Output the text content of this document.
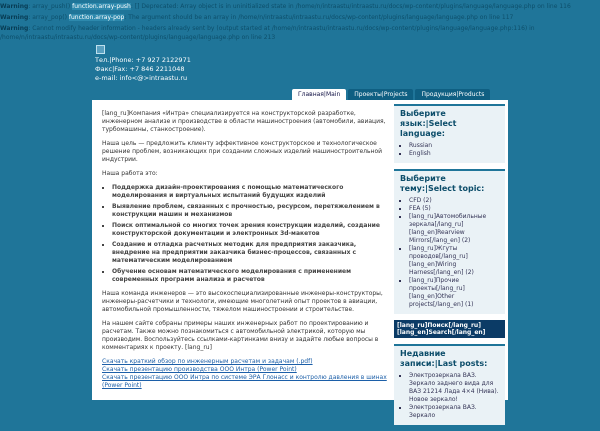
Warning: array_push() function.array-push: [] Deprecated: Array object is in uninitialized state in /home/n/intraastu/intraastu.ru/docs/wp-content/plugins/language/language.php on line 116

Warning: array_pop() function.array-pop: The argument should be an array in /home/n/intraastu/intraastu.ru/docs/wp-content/plugins/language/language.php on line 117

Warning: Cannot modify header information - headers already sent by (output started at /home/n/intraastu/intraastu.ru/docs/wp-content/plugins/language/language.php:116) in /home/n/intraastu/intraastu.ru/docs/wp-content/plugins/language/language.php on line 213

Тел.|Phone: +7 927 2122971
Факс|Fax: +7 846 2211048
e-mail: info<@>intraastu.ru
Главная|Main	Проекты|Projects	Продукция|Products

[lang_ru]Компания «Интра» специализируется на конструкторской разработке, инженерном анализе и производстве в области машиностроения (автомобили, авиация, турбомашины, станкостроение).

Наша цель — предложить клиенту эффективное конструкторское и технологическое решение проблем, возникающих при создании сложных изделий машиностроительной индустрии.

Наша работа это:

▪ Поддержка дизайн-проектирования с помощью математического моделирования и виртуальных испытаний будущих изделий
▪ Выявление проблем, связанных с прочностью, ресурсом, перетяжелением в конструкции машин и механизмов
▪ Поиск оптимальной со многих точек зрения конструкции изделий, создание конструкторской документации и электронных 3d-макетов
▪ Создание и отладка расчетных методик для предприятия заказчика, внедрение на предприятии заказчика бизнес-процессов, связанных с математическим моделированием
▪ Обучение основам математического моделирования с применением современных программ анализа и расчетов

Наша команда инженеров — это высокоспециализированные инженеры-конструкторы, инженеры-расчетчики и технологи, имеющие многолетний опыт проектов в авиации, автомобильной промышленности, тяжелом машиностроении и строительстве.

На нашем сайте собраны примеры наших инженерных работ по проектированию и расчетам. Также можно познакомиться с автомобильной электрикой, которую мы производим. Воспользуйтесь ссылками-картинками внизу и задайте любые вопросы в комментариях к проекту. [lang_ru]

Скачать краткий обзор по инженерным расчетам и задачам (.pdf)
Скачать презентацию производства ООО Интра (Power Point)
Скачать презентацию ООО Интра по системе ЭРА Глонасс и контролю давления в шинах (Power Point)
Выберите язык:|Select language:
▪ Russian
▪ English
Выберите тему:|Select topic:
▪ CFD (2)
▪ FEA (5)
▪ [lang_ru]Автомобильные зеркала[/lang_ru][lang_en]Rearview Mirrors[/lang_en] (2)
▪ [lang_ru]Жгуты проводов[/lang_ru][lang_en]Wiring Harness[/lang_en] (2)
▪ [lang_ru]Прочие проекты[/lang_ru][lang_en]Other projects[/lang_en] (1)
[lang_ru]Поиск[/lang_ru][lang_en]Search[/lang_en]
Недавние записи:|Last posts:
▪ Электрозеркала ВАЗ. Зеркало заднего вида для ВАЗ 21214 Лада 4×4 (Нива). Новое зеркало!
▪ Электрозеркала ВАЗ. Зеркало
